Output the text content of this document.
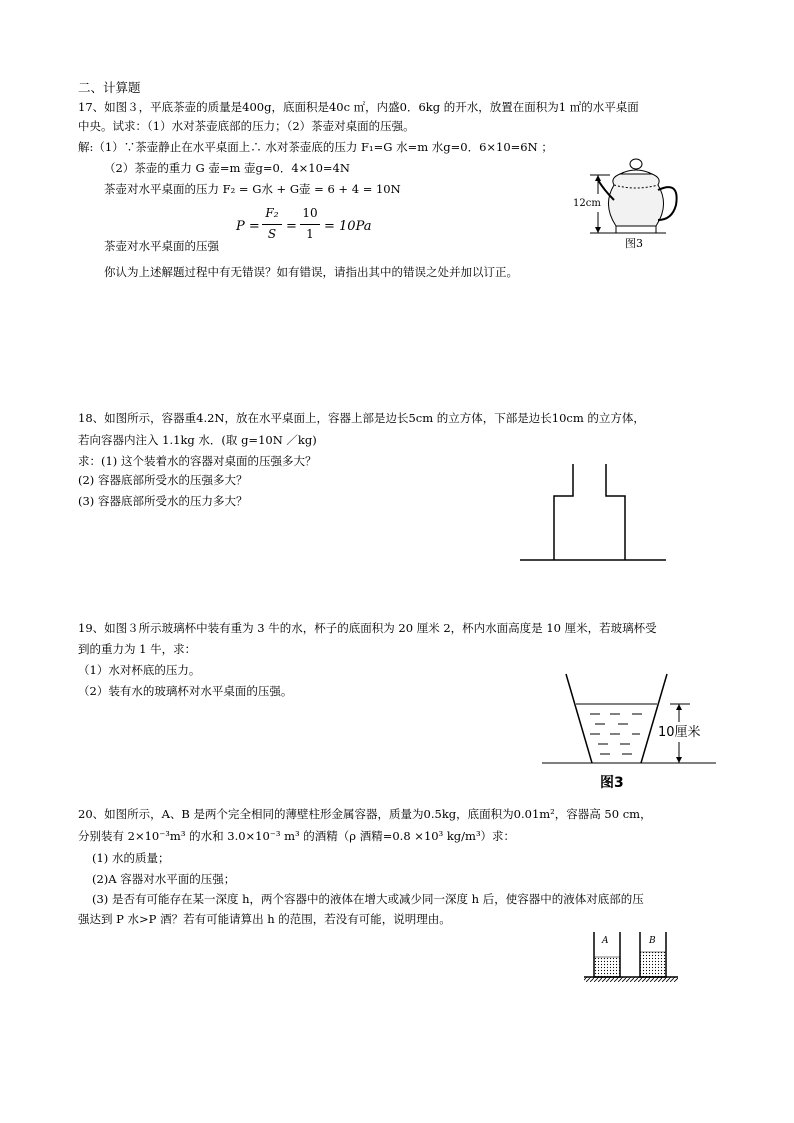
二、计算题
17、如图３，平底茶壶的质量是400g，底面积是40c ㎡，内盛0．6kg 的开水，放置在面积为1 ㎡的水平桌面
中央。试求：（1）水对茶壶底部的压力；（2）茶壶对桌面的压强。
解:（1）∵茶壶静止在水平桌面上∴ 水对茶壶底的压力 F₁=G 水=m 水g=0．6×10=6N ；
（2）茶壶的重力 G 壶=m 壶g=0．4×10=4N
茶壶对水平桌面的压力 F₂ = G水 + G壶 = 6 + 4 = 10N
P =
F₂
S =
10
1 = 10Pa
茶壶对水平桌面的压强
你认为上述解题过程中有无错误？如有错误，请指出其中的错误之处并加以订正。
12cm
图3
18、如图所示，容器重4.2N，放在水平桌面上，容器上部是边长5cm 的立方体，下部是边长10cm 的立方体，
若向容器内注入 1.1kg 水．(取 g=10N ／kg)
求：(1) 这个装着水的容器对桌面的压强多大？
(2) 容器底部所受水的压强多大？
(3) 容器底部所受水的压力多大？
19、如图３所示玻璃杯中装有重为 3 牛的水，杯子的底面积为 20 厘米 2，杯内水面高度是 10 厘米，若玻璃杯受
到的重力为 1 牛，求：
（1）水对杯底的压力。
（2）装有水的玻璃杯对水平桌面的压强。
10厘米
图3
20、如图所示，A、B 是两个完全相同的薄壁柱形金属容器，质量为0.5kg，底面积为0.01m²，容器高 50 cm，
分别装有 2×10⁻³m³ 的水和 3.0×10⁻³ m³ 的酒精（ρ 酒精=0.8 ×10³ kg/m³）求：
(1) 水的质量；
(2)A 容器对水平面的压强；
(3) 是否有可能存在某一深度 h，两个容器中的液体在增大或减少同一深度 h 后，使容器中的液体对底部的压
强达到 P 水>P 酒？若有可能请算出 h 的范围，若没有可能，说明理由。
A	B
